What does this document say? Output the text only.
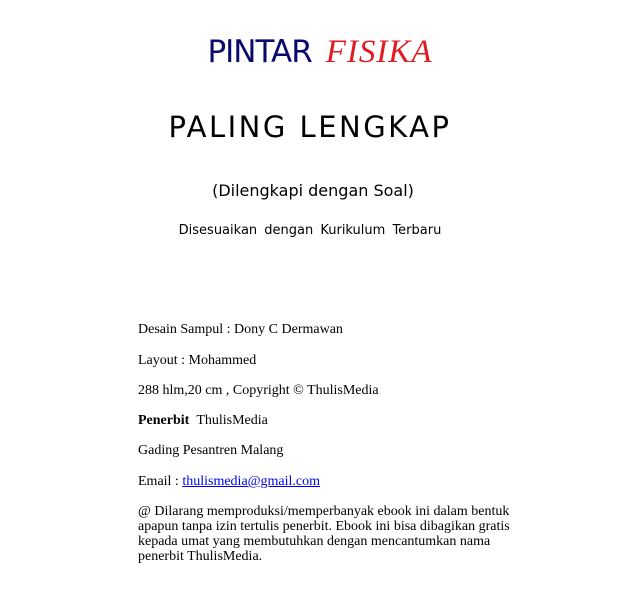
PINTAR FISIKA
PALING LENGKAP
(Dilengkapi dengan Soal)
Disesuaikan dengan Kurikulum Terbaru
Desain Sampul : Dony C Dermawan
Layout : Mohammed
288 hlm,20 cm , Copyright © ThulisMedia
Penerbit ThulisMedia
Gading Pesantren Malang
Email : thulismedia@gmail.com
@ Dilarang memproduksi/memperbanyak ebook ini dalam bentuk apapun tanpa izin tertulis penerbit. Ebook ini bisa dibagikan gratis kepada umat yang membutuhkan dengan mencantumkan nama penerbit ThulisMedia.
